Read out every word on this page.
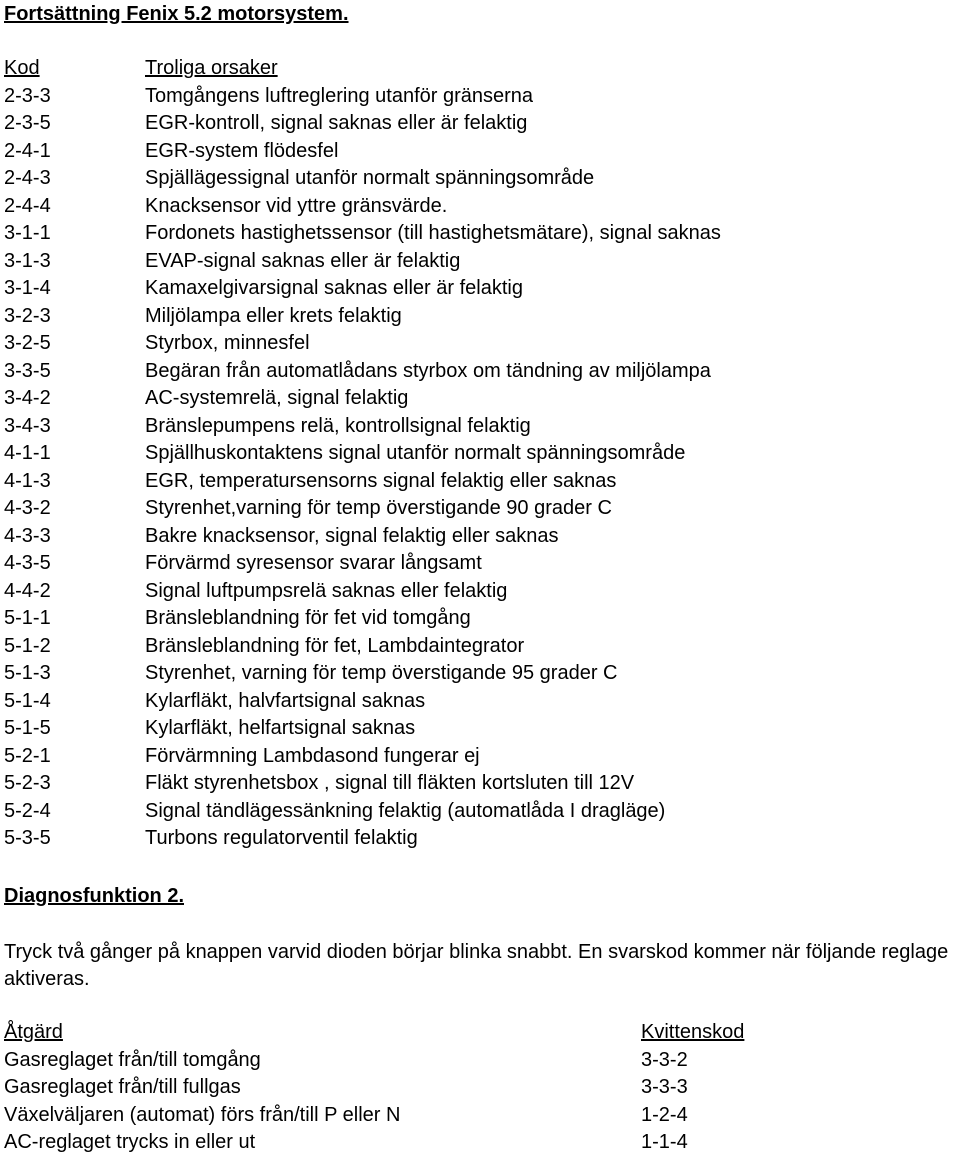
Fortsättning Fenix 5.2 motorsystem.
Kod	Troliga orsaker
2-3-3	Tomgångens luftreglering utanför gränserna
2-3-5	EGR-kontroll, signal saknas eller är felaktig
2-4-1	EGR-system flödesfel
2-4-3	Spjällägessignal utanför normalt spänningsområde
2-4-4	Knacksensor vid yttre gränsvärde.
3-1-1	Fordonets hastighetssensor (till hastighetsmätare), signal saknas
3-1-3	EVAP-signal saknas eller är felaktig
3-1-4	Kamaxelgivarsignal saknas eller är felaktig
3-2-3	Miljölampa eller krets felaktig
3-2-5	Styrbox, minnesfel
3-3-5	Begäran från automatlådans styrbox om tändning av miljölampa
3-4-2	AC-systemrelä, signal felaktig
3-4-3	Bränslepumpens relä, kontrollsignal felaktig
4-1-1	Spjällhuskontaktens signal utanför normalt spänningsområde
4-1-3	EGR, temperatursensorns signal felaktig eller saknas
4-3-2	Styrenhet,varning för temp överstigande 90 grader C
4-3-3	Bakre knacksensor, signal felaktig eller saknas
4-3-5	Förvärmd syresensor svarar långsamt
4-4-2	Signal luftpumpsrelä saknas eller felaktig
5-1-1	Bränsleblandning för fet vid tomgång
5-1-2	Bränsleblandning för fet, Lambdaintegrator
5-1-3	Styrenhet, varning för temp överstigande 95 grader C
5-1-4	Kylarfläkt, halvfartsignal saknas
5-1-5	Kylarfläkt, helfartsignal saknas
5-2-1	Förvärmning Lambdasond fungerar ej
5-2-3	Fläkt styrenhetsbox , signal till fläkten kortsluten till 12V
5-2-4	Signal tändlägessänkning felaktig (automatlåda I dragläge)
5-3-5	Turbons regulatorventil felaktig
Diagnosfunktion 2.
Tryck två gånger på knappen varvid dioden börjar blinka snabbt. En svarskod kommer när följande reglage aktiveras.
Åtgärd	Kvittenskod
Gasreglaget från/till tomgång	3-3-2
Gasreglaget från/till fullgas	3-3-3
Växelväljaren (automat) förs från/till P eller N	1-2-4
AC-reglaget trycks in eller ut	1-1-4
